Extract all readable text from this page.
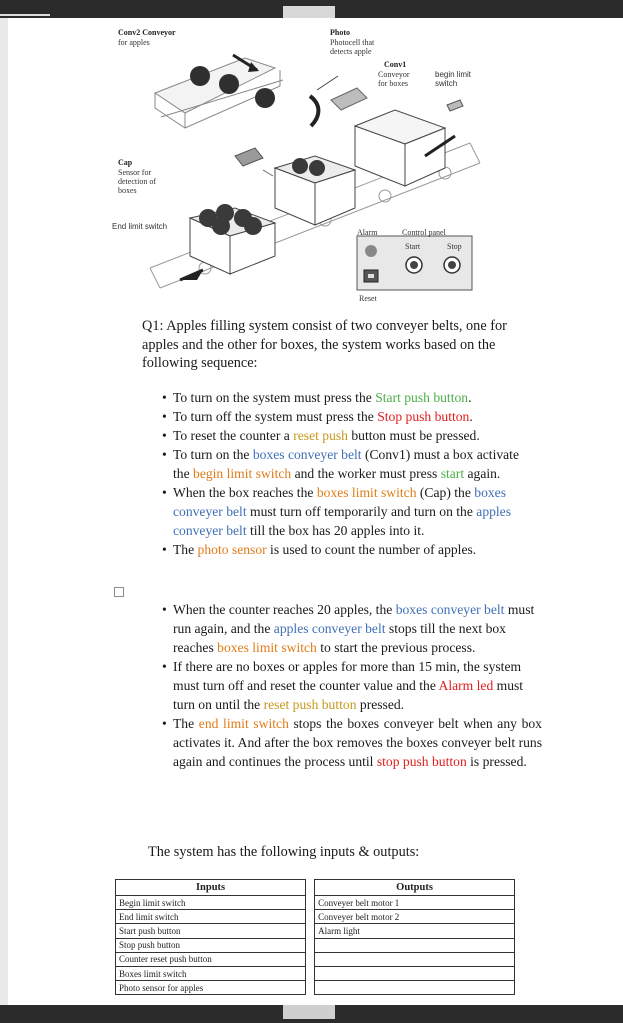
Conv2 Conveyor
for apples
Photo
Photocell that
detects apple
Conv1
Conveyor
for boxes
begin limit
switch
Cap
Sensor for
detection of
boxes
End limit switch
Alarm	Control panel
Start	Stop
Reset
Q1: Apples filling system consist of two conveyer belts, one for apples and the other for boxes, the system works based on the following sequence:
• To turn on the system must press the Start push button.
• To turn off the system must press the Stop push button.
• To reset the counter a reset push button must be pressed.
• To turn on the boxes conveyer belt (Conv1) must a box activate the begin limit switch and the worker must press start again.
• When the box reaches the boxes limit switch (Cap) the boxes conveyer belt must turn off temporarily and turn on the apples conveyer belt till the box has 20 apples into it.
• The photo sensor is used to count the number of apples.
• When the counter reaches 20 apples, the boxes conveyer belt must run again, and the apples conveyer belt stops till the next box reaches boxes limit switch to start the previous process.
• If there are no boxes or apples for more than 15 min, the system must turn off and reset the counter value and the Alarm led must turn on until the reset push button pressed.
• The end limit switch stops the boxes conveyer belt when any box activates it. And after the box removes the boxes conveyer belt runs again and continues the process until stop push button is pressed.
The system has the following inputs & outputs:
Inputs		Outputs
Begin limit switch		Conveyer belt motor 1
End limit switch		Conveyer belt motor 2
Start push button		Alarm light
Stop push button		
Counter reset push button		
Boxes limit switch		
Photo sensor for apples		
